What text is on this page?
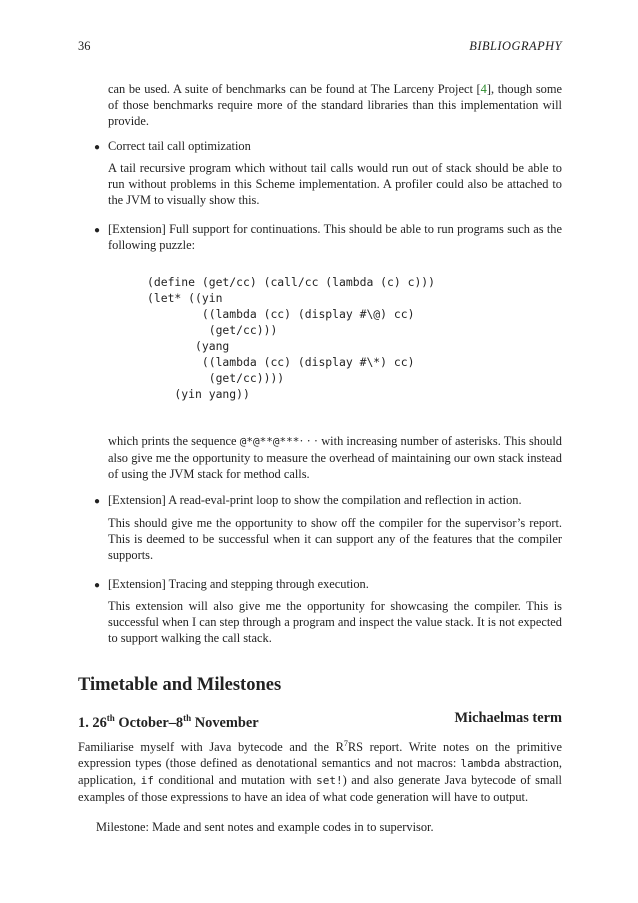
36	BIBLIOGRAPHY

can be used. A suite of benchmarks can be found at The Larceny Project [4], though some of those benchmarks require more of the standard libraries than this implementation will provide.

● Correct tail call optimization

A tail recursive program which without tail calls would run out of stack should be able to run without problems in this Scheme implementation. A profiler could also be attached to the JVM to visually show this.

● [Extension] Full support for continuations. This should be able to run programs such as the following puzzle:

(define (get/cc) (call/cc (lambda (c) c)))
(let* ((yin
((lambda (cc) (display #\@) cc)
(get/cc)))
(yang
((lambda (cc) (display #\*) cc)
(get/cc))))
(yin yang))

which prints the sequence @*@**@***· · · with increasing number of asterisks. This should also give me the opportunity to measure the overhead of maintaining our own stack instead of using the JVM stack for method calls.

● [Extension] A read-eval-print loop to show the compilation and reflection in action.

This should give me the opportunity to show off the compiler for the supervisor’s report. This is deemed to be successful when it can support any of the features that the compiler supports.

● [Extension] Tracing and stepping through execution.

This extension will also give me the opportunity for showcasing the compiler. This is successful when I can step through a program and inspect the value stack. It is not expected to support walking the call stack.

Timetable and Milestones
1. 26th October–8th November	Michaelmas term

Familiarise myself with Java bytecode and the $R^7RS$ report. Write notes on the primitive expression types (those defined as denotational semantics and not macros: lambda abstraction, application, if conditional and mutation with set!) and also generate Java bytecode of small examples of those expressions to have an idea of what code generation will have to output.

Milestone: Made and sent notes and example codes in to supervisor.
